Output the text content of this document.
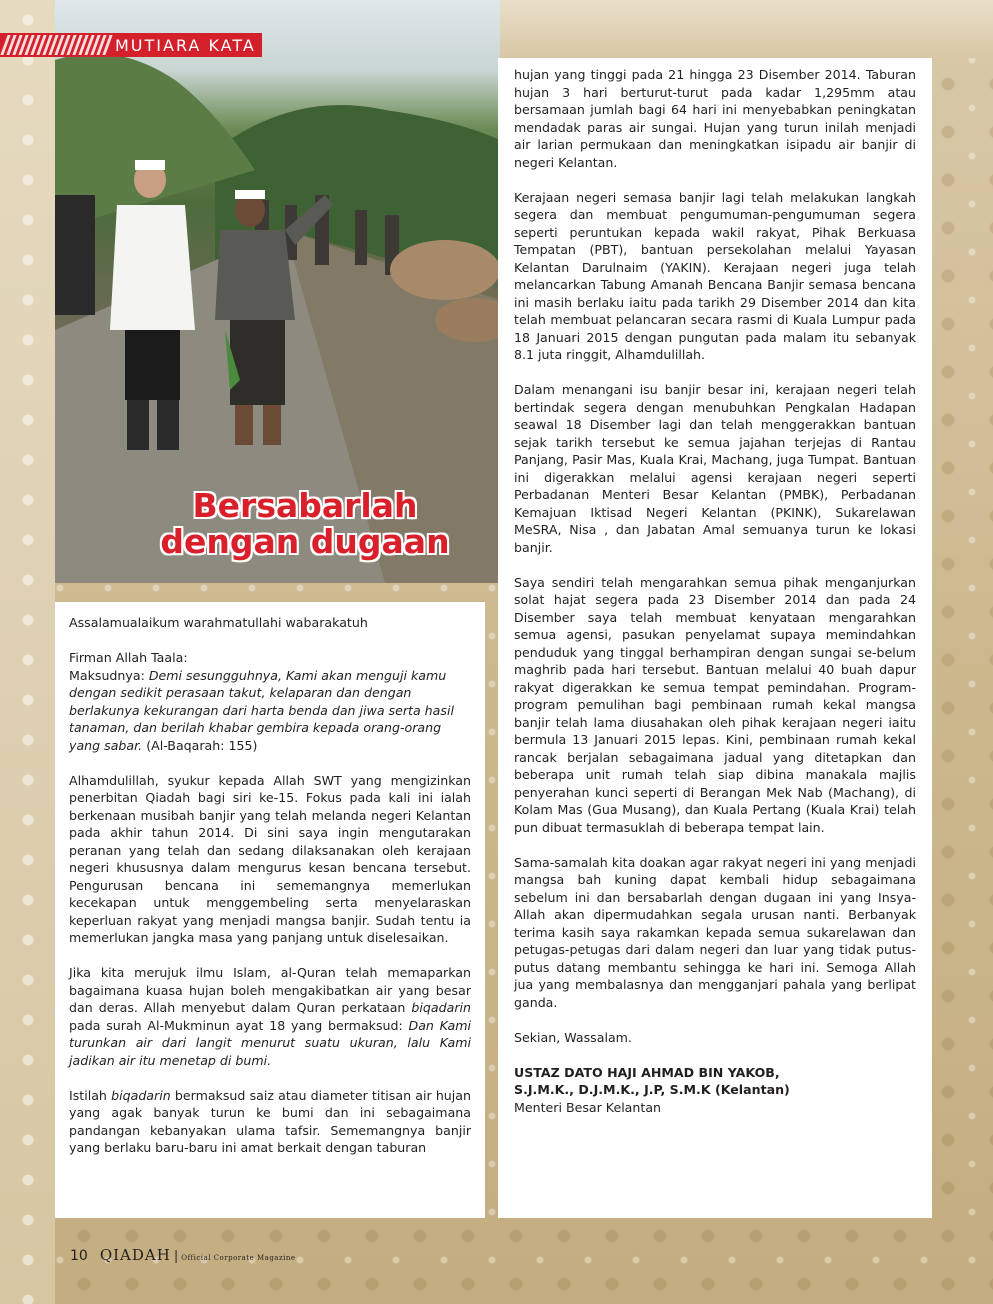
Bersabarlah
dengan dugaan
MUTIARA KATA

Assalamualaikum warahmatullahi wabarakatuh

Firman Allah Taala:

Maksudnya: Demi sesungguhnya, Kami akan menguji kamu dengan sedikit perasaan takut, kelaparan dan dengan berlakunya kekurangan dari harta benda dan jiwa serta hasil tanaman, dan berilah khabar gembira kepada orang-orang yang sabar. (Al-Baqarah: 155)

Alhamdulillah, syukur kepada Allah SWT yang mengizinkan penerbitan Qiadah bagi siri ke-15. Fokus pada kali ini ialah berkenaan musibah banjir yang telah melanda negeri Kelantan pada akhir tahun 2014. Di sini saya ingin mengutarakan peranan yang telah dan sedang dilaksanakan oleh kerajaan negeri khususnya dalam mengurus kesan bencana tersebut. Pengurusan bencana ini sememangnya memerlukan kecekapan untuk menggembeling serta menyelaraskan keperluan rakyat yang menjadi mangsa banjir. Sudah tentu ia memerlukan jangka masa yang panjang untuk diselesaikan.

Jika kita merujuk ilmu Islam, al-Quran telah memaparkan bagaimana kuasa hujan boleh mengakibatkan air yang besar dan deras. Allah menyebut dalam Quran perkataan biqadarin pada surah Al-Mukminun ayat 18 yang bermaksud: Dan Kami turunkan air dari langit menurut suatu ukuran, lalu Kami jadikan air itu menetap di bumi.

Istilah biqadarin bermaksud saiz atau diameter titisan air hujan yang agak banyak turun ke bumi dan ini sebagaimana pandangan kebanyakan ulama tafsir. Sememangnya banjir yang berlaku baru-baru ini amat berkait dengan taburan

hujan yang tinggi pada 21 hingga 23 Disember 2014. Taburan hujan 3 hari berturut-turut pada kadar 1,295mm atau bersamaan jumlah bagi 64 hari ini menyebabkan peningkatan mendadak paras air sungai. Hujan yang turun inilah menjadi air larian permukaan dan meningkatkan isipadu air banjir di negeri Kelantan.

Kerajaan negeri semasa banjir lagi telah melakukan langkah segera dan membuat pengumuman-pengumuman segera seperti peruntukan kepada wakil rakyat, Pihak Berkuasa Tempatan (PBT), bantuan persekolahan melalui Yayasan Kelantan Darulnaim (YAKIN). Kerajaan negeri juga telah melancarkan Tabung Amanah Bencana Banjir semasa bencana ini masih berlaku iaitu pada tarikh 29 Disember 2014 dan kita telah membuat pelancaran secara rasmi di Kuala Lumpur pada 18 Januari 2015 dengan pungutan pada malam itu sebanyak 8.1 juta ringgit, Alhamdulillah.

Dalam menangani isu banjir besar ini, kerajaan negeri telah bertindak segera dengan menubuhkan Pengkalan Hadapan seawal 18 Disember lagi dan telah menggerakkan bantuan sejak tarikh tersebut ke semua jajahan terjejas di Rantau Panjang, Pasir Mas, Kuala Krai, Machang, juga Tumpat. Bantuan ini digerakkan melalui agensi kerajaan negeri seperti Perbadanan Menteri Besar Kelantan (PMBK), Perbadanan Kemajuan Iktisad Negeri Kelantan (PKINK), Sukarelawan MeSRA, Nisa , dan Jabatan Amal semuanya turun ke lokasi banjir.

Saya sendiri telah mengarahkan semua pihak menganjurkan solat hajat segera pada 23 Disember 2014 dan pada 24 Disember saya telah membuat kenyataan mengarahkan semua agensi, pasukan penyelamat supaya memindahkan penduduk yang tinggal berhampiran dengan sungai se-belum maghrib pada hari tersebut. Bantuan melalui 40 buah dapur rakyat digerakkan ke semua tempat pemindahan. Program-program pemulihan bagi pembinaan rumah kekal mangsa banjir telah lama diusahakan oleh pihak kerajaan negeri iaitu bermula 13 Januari 2015 lepas. Kini, pembinaan rumah kekal rancak berjalan sebagaimana jadual yang ditetapkan dan beberapa unit rumah telah siap dibina manakala majlis penyerahan kunci seperti di Berangan Mek Nab (Machang), di Kolam Mas (Gua Musang), dan Kuala Pertang (Kuala Krai) telah pun dibuat termasuklah di beberapa tempat lain.

Sama-samalah kita doakan agar rakyat negeri ini yang menjadi mangsa bah kuning dapat kembali hidup sebagaimana sebelum ini dan bersabarlah dengan dugaan ini yang Insya-Allah akan dipermudahkan segala urusan nanti. Berbanyak terima kasih saya rakamkan kepada semua sukarelawan dan petugas-petugas dari dalam negeri dan luar yang tidak putus-putus datang membantu sehingga ke hari ini. Semoga Allah jua yang membalasnya dan mengganjari pahala yang berlipat ganda.

Sekian, Wassalam.

USTAZ DATO HAJI AHMAD BIN YAKOB,

S.J.M.K., D.J.M.K., J.P, S.M.K (Kelantan)

Menteri Besar Kelantan

10 QIADAH | Official Corporate Magazine
